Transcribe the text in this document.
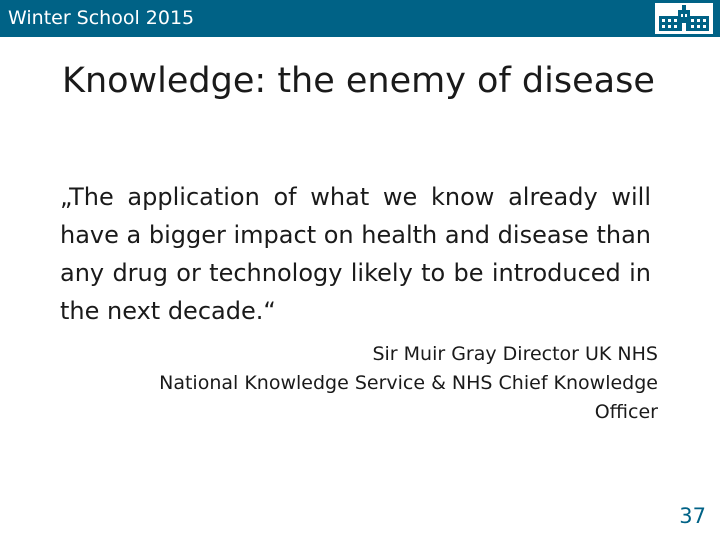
Winter School 2015
Knowledge: the enemy of disease
„The application of what we know already will have a bigger impact on health and disease than any drug or technology likely to be introduced in the next decade.“
Sir Muir Gray Director UK NHS
National Knowledge Service & NHS Chief Knowledge
Officer
37
